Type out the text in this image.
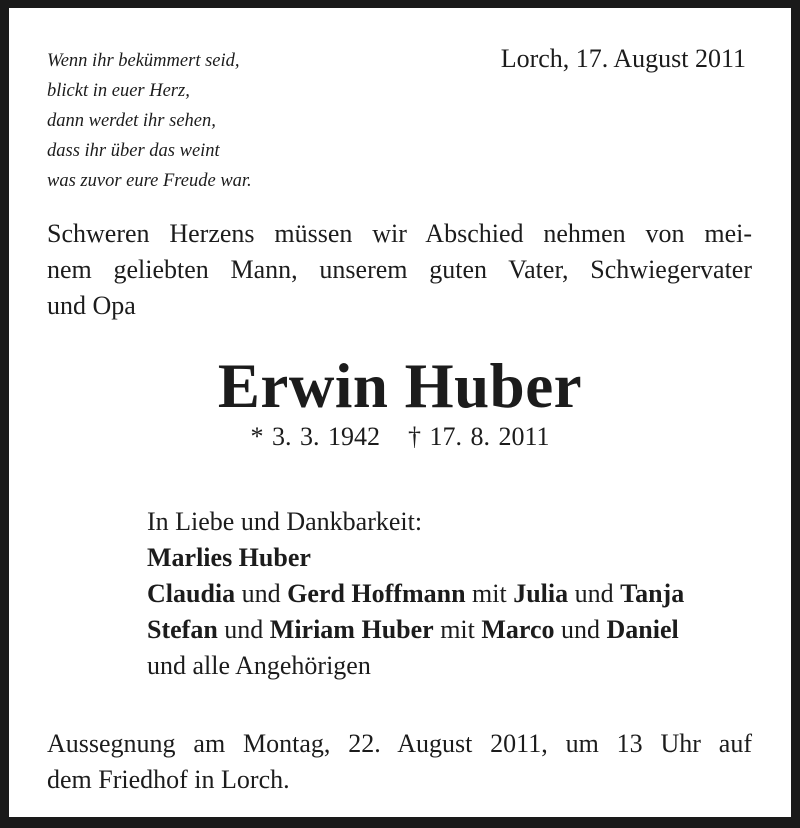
Wenn ihr bekümmert seid,
blickt in euer Herz,
dann werdet ihr sehen,
dass ihr über das weint
was zuvor eure Freude war.
Lorch, 17. August 2011
Schweren Herzens müssen wir Abschied nehmen von mei-
nem geliebten Mann, unserem guten Vater, Schwiegervater
und Opa
Erwin Huber
* 3. 3. 1942 † 17. 8. 2011
In Liebe und Dankbarkeit:
Marlies Huber
Claudia und Gerd Hoffmann mit Julia und Tanja
Stefan und Miriam Huber mit Marco und Daniel
und alle Angehörigen
Aussegnung am Montag, 22. August 2011, um 13 Uhr auf
dem Friedhof in Lorch.
